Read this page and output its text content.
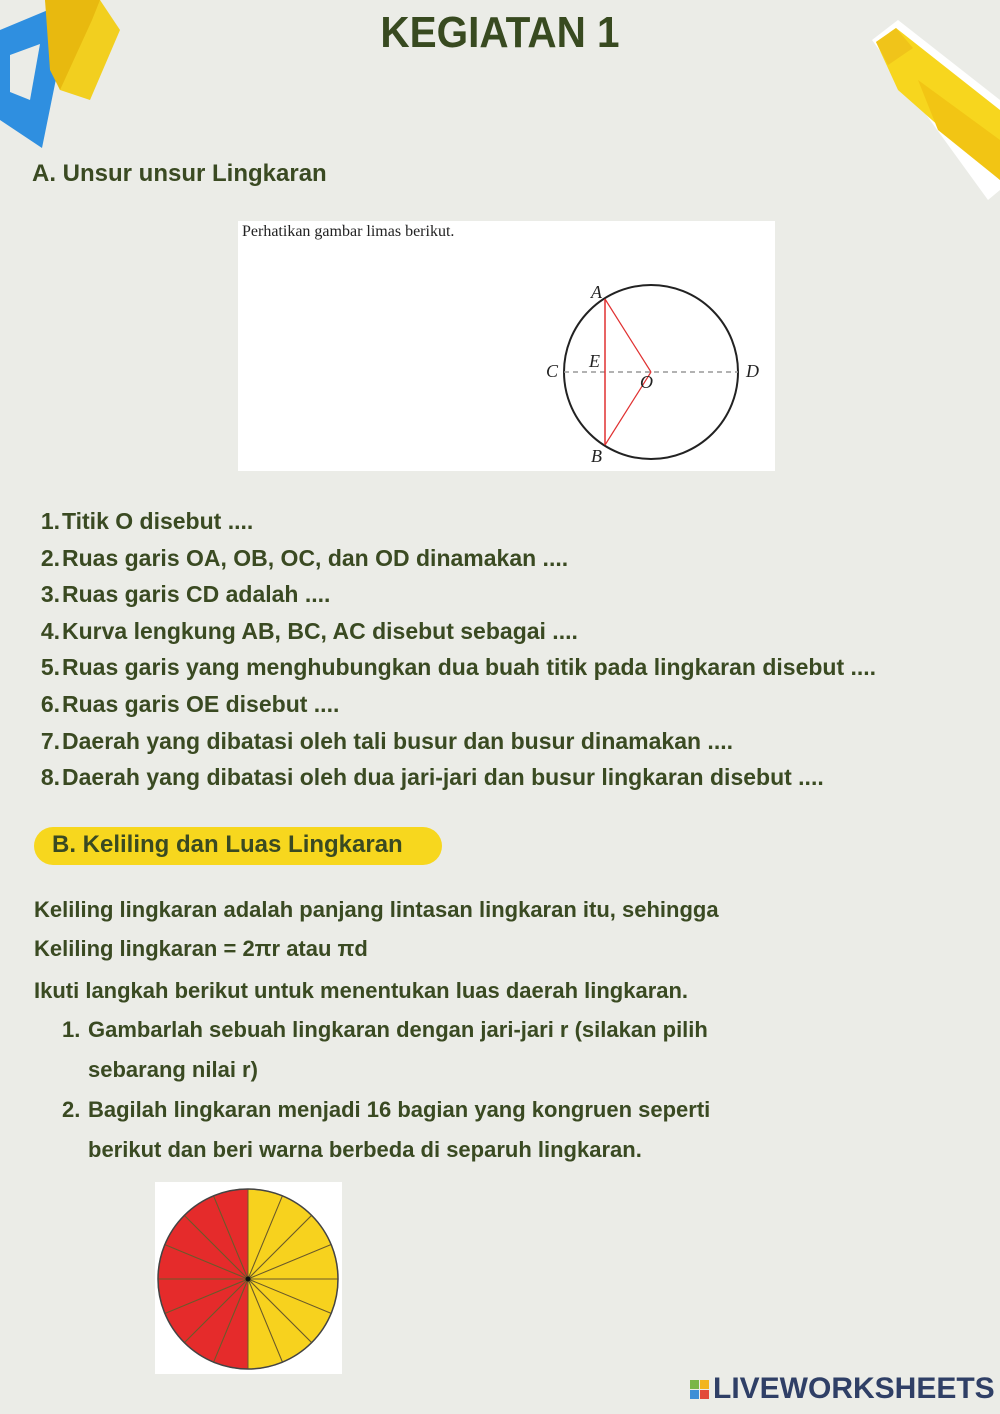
KEGIATAN 1
A. Unsur unsur Lingkaran
A
B
C	D
E
O
Perhatikan gambar limas berikut.
1. Titik O disebut ....
2. Ruas garis OA, OB, OC, dan OD dinamakan ....
3. Ruas garis CD adalah ....
4. Kurva lengkung AB, BC, AC disebut sebagai ....
5. Ruas garis yang menghubungkan dua buah titik pada lingkaran disebut ....
6. Ruas garis OE disebut ....
7. Daerah yang dibatasi oleh tali busur dan busur dinamakan ....
8. Daerah yang dibatasi oleh dua jari-jari dan busur lingkaran disebut ....
B. Keliling dan Luas Lingkaran
Keliling lingkaran adalah panjang lintasan lingkaran itu, sehingga
Keliling lingkaran = 2πr atau πd
Ikuti langkah berikut untuk menentukan luas daerah lingkaran.
1. Gambarlah sebuah lingkaran dengan jari-jari r (silakan pilih
sebarang nilai r)
2. Bagilah lingkaran menjadi 16 bagian yang kongruen seperti
berikut dan beri warna berbeda di separuh lingkaran.
LIVEWORKSHEETS
